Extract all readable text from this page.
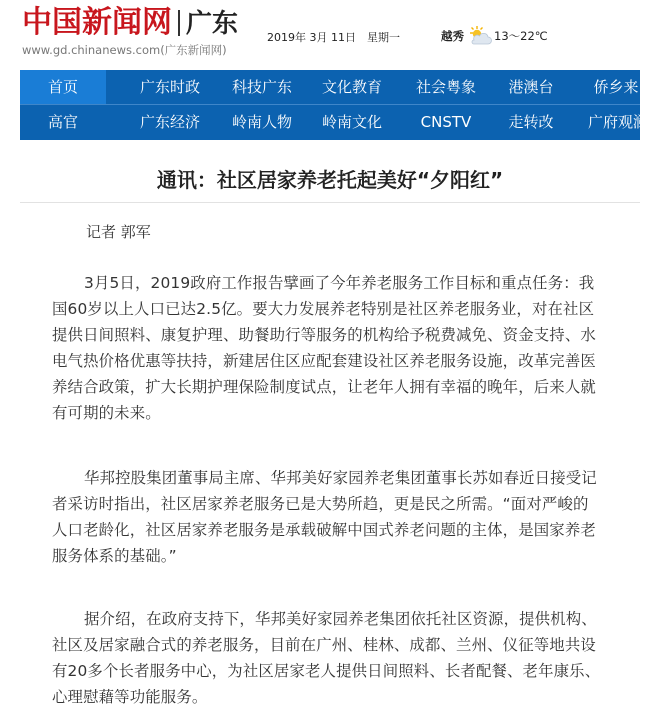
中国新闻网 广东
www.gd.chinanews.com(广东新闻网)
2019年 3月 11日　星期一	越秀	13～22℃
首页	广东时政	科技广东	文化教育	社会粤象	港澳台	侨乡来
高官	广东经济	岭南人物	岭南文化	CNSTV	走转改	广府观澜
通讯：社区居家养老托起美好“夕阳红”
记者 郭军
3月5日，2019政府工作报告擘画了今年养老服务工作目标和重点任务：我
国60岁以上人口已达2.5亿。要大力发展养老特别是社区养老服务业，对在社区
提供日间照料、康复护理、助餐助行等服务的机构给予税费减免、资金支持、水
电气热价格优惠等扶持，新建居住区应配套建设社区养老服务设施，改革完善医
养结合政策，扩大长期护理保险制度试点，让老年人拥有幸福的晚年，后来人就
有可期的未来。
华邦控股集团董事局主席、华邦美好家园养老集团董事长苏如春近日接受记
者采访时指出，社区居家养老服务已是大势所趋，更是民之所需。“面对严峻的
人口老龄化，社区居家养老服务是承载破解中国式养老问题的主体，是国家养老
服务体系的基础。”
据介绍，在政府支持下，华邦美好家园养老集团依托社区资源，提供机构、
社区及居家融合式的养老服务，目前在广州、桂林、成都、兰州、仪征等地共设
有20多个长者服务中心，为社区居家老人提供日间照料、长者配餐、老年康乐、
心理慰藉等功能服务。
